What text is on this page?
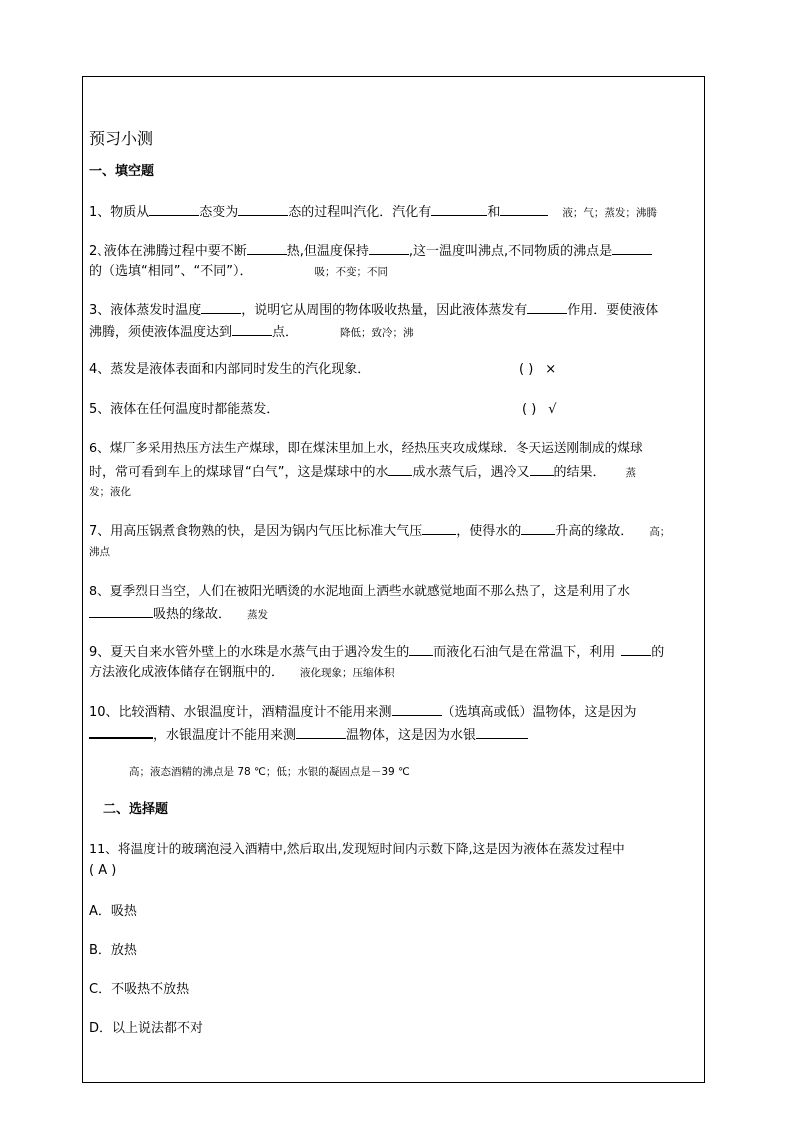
预习小测
一、填空题
1、物质从	态变为	态的过程叫汽化．汽化有	和	液；气；蒸发；沸腾
2､液体在沸腾过程中要不断	热,但温度保持	,这一温度叫沸点,不同物质的沸点是
的（选填“相同”、“不同”）．	吸；不变；不同
3、液体蒸发时温度	，说明它从周围的物体吸收热量，因此液体蒸发有	作用．要使液体
沸腾，须使液体温度达到	点．	降低；致冷；沸
4、蒸发是液体表面和内部同时发生的汽化现象．	( ) ×
5、液体在任何温度时都能蒸发．	( ) √
6、煤厂多采用热压方法生产煤球，即在煤沫里加上水，经热压夹攻成煤球．冬天运送刚制成的煤球
时，常可看到车上的煤球冒“白气”，这是煤球中的水 成水蒸气后，遇冷又 的结果． 蒸
发；液化
7、用高压锅煮食物熟的快，是因为锅内气压比标准大气压	，使得水的	升高的缘故． 高；
沸点
8、夏季烈日当空，人们在被阳光晒烫的水泥地面上洒些水就感觉地面不那么热了，这是利用了水
吸热的缘故． 蒸发
9、夏天自来水管外壁上的水珠是水蒸气由于遇冷发生的 而液化石油气是在常温下，利用	的
方法液化成液体储存在钢瓶中的． 液化现象；压缩体积
10、比较酒精、水银温度计，酒精温度计不能用来测	（选填高或低）温物体，这是因为
，水银温度计不能用来测	温物体，这是因为水银
高；液态酒精的沸点是 78 ℃；低；水银的凝固点是－39 ℃
二、选择题
11、将温度计的玻璃泡浸入酒精中,然后取出,发现短时间内示数下降,这是因为液体在蒸发过程中
( A )
A．吸热
B．放热
C．不吸热不放热
D．以上说法都不对
